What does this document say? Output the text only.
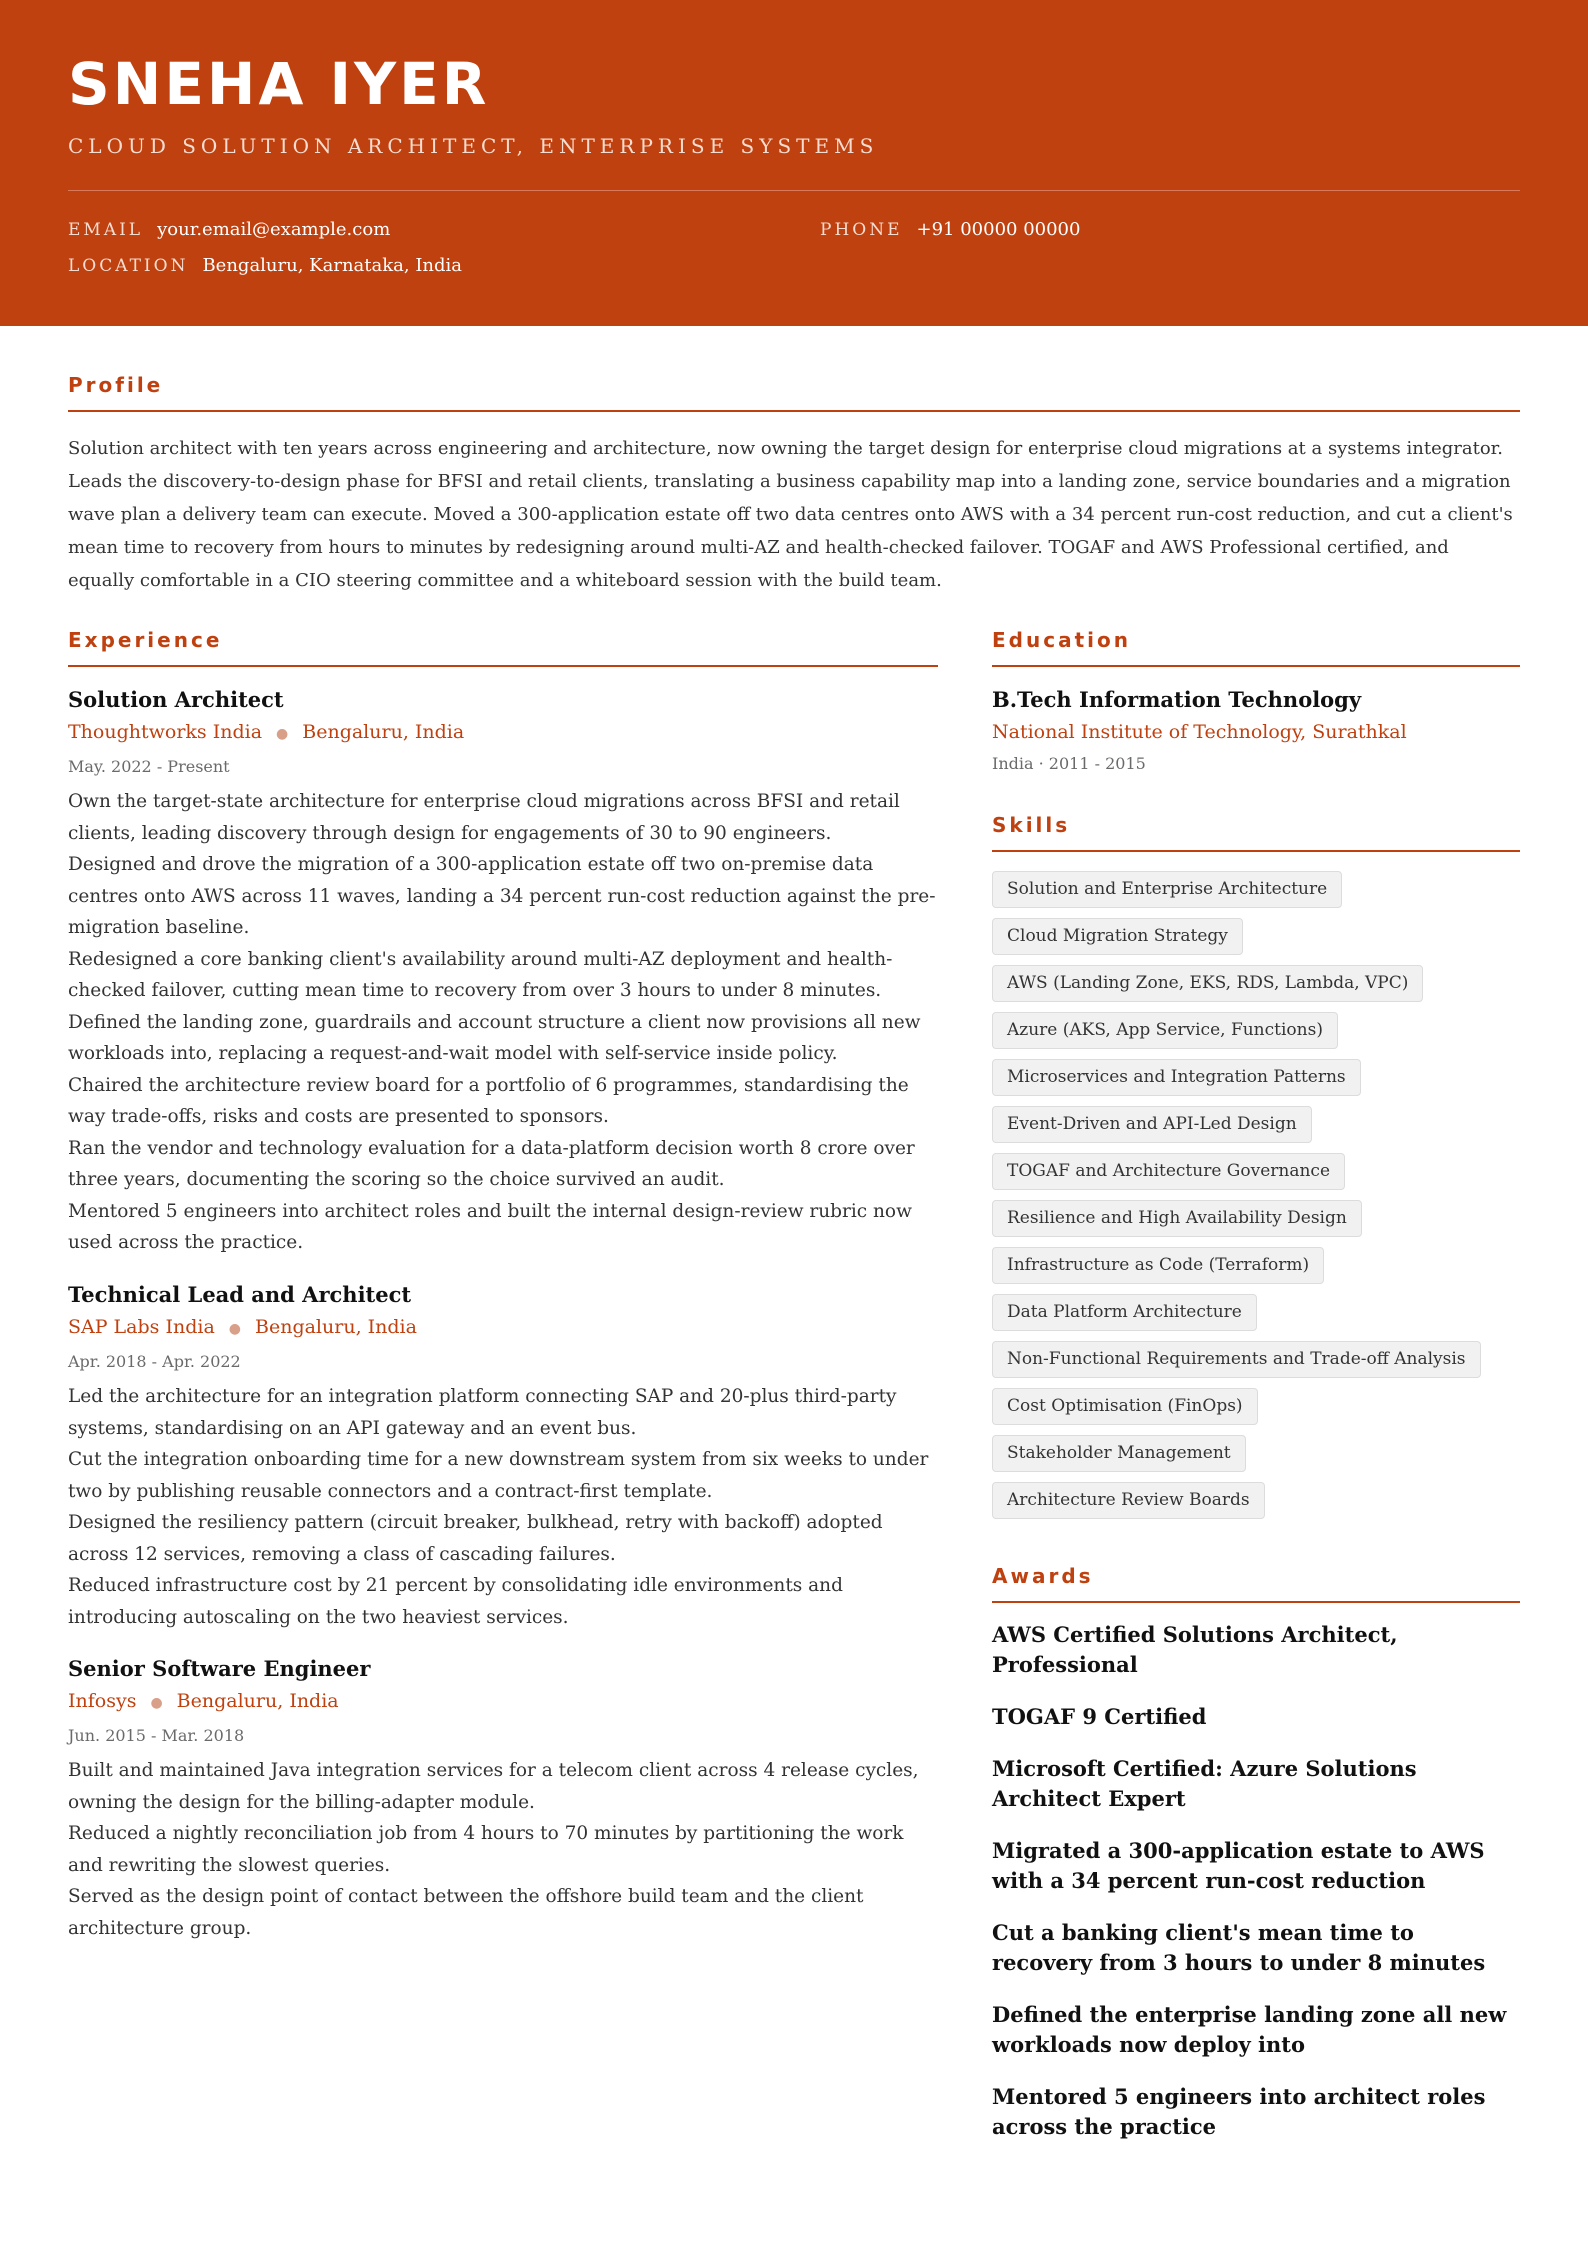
SNEHA IYER
CLOUD SOLUTION ARCHITECT, ENTERPRISE SYSTEMS
EMAIL your.email@example.com	PHONE +91 00000 00000
LOCATION Bengaluru, Karnataka, India
Profile
Solution architect with ten years across engineering and architecture, now owning the target design for enterprise cloud migrations at a systems integrator. Leads the discovery-to-design phase for BFSI and retail clients, translating a business capability map into a landing zone, service boundaries and a migration wave plan a delivery team can execute. Moved a 300-application estate off two data centres onto AWS with a 34 percent run-cost reduction, and cut a client's mean time to recovery from hours to minutes by redesigning around multi-AZ and health-checked failover. TOGAF and AWS Professional certified, and equally comfortable in a CIO steering committee and a whiteboard session with the build team.
Experience
Solution Architect
Thoughtworks India ● Bengaluru, India
May. 2022 - Present
Own the target-state architecture for enterprise cloud migrations across BFSI and retail clients, leading discovery through design for engagements of 30 to 90 engineers.
Designed and drove the migration of a 300-application estate off two on-premise data centres onto AWS across 11 waves, landing a 34 percent run-cost reduction against the pre-migration baseline.
Redesigned a core banking client's availability around multi-AZ deployment and health-checked failover, cutting mean time to recovery from over 3 hours to under 8 minutes.
Defined the landing zone, guardrails and account structure a client now provisions all new workloads into, replacing a request-and-wait model with self-service inside policy.
Chaired the architecture review board for a portfolio of 6 programmes, standardising the way trade-offs, risks and costs are presented to sponsors.
Ran the vendor and technology evaluation for a data-platform decision worth 8 crore over three years, documenting the scoring so the choice survived an audit.
Mentored 5 engineers into architect roles and built the internal design-review rubric now used across the practice.
Technical Lead and Architect
SAP Labs India ● Bengaluru, India
Apr. 2018 - Apr. 2022
Led the architecture for an integration platform connecting SAP and 20-plus third-party systems, standardising on an API gateway and an event bus.
Cut the integration onboarding time for a new downstream system from six weeks to under two by publishing reusable connectors and a contract-first template.
Designed the resiliency pattern (circuit breaker, bulkhead, retry with backoff) adopted across 12 services, removing a class of cascading failures.
Reduced infrastructure cost by 21 percent by consolidating idle environments and introducing autoscaling on the two heaviest services.
Senior Software Engineer
Infosys ● Bengaluru, India
Jun. 2015 - Mar. 2018
Built and maintained Java integration services for a telecom client across 4 release cycles, owning the design for the billing-adapter module.
Reduced a nightly reconciliation job from 4 hours to 70 minutes by partitioning the work and rewriting the slowest queries.
Served as the design point of contact between the offshore build team and the client architecture group.
Education
B.Tech Information Technology
National Institute of Technology, Surathkal
India · 2011 - 2015
Skills
Solution and Enterprise Architecture
Cloud Migration Strategy
AWS (Landing Zone, EKS, RDS, Lambda, VPC)
Azure (AKS, App Service, Functions)
Microservices and Integration Patterns
Event-Driven and API-Led Design
TOGAF and Architecture Governance
Resilience and High Availability Design
Infrastructure as Code (Terraform)
Data Platform Architecture
Non-Functional Requirements and Trade-off Analysis
Cost Optimisation (FinOps)
Stakeholder Management
Architecture Review Boards
Awards
AWS Certified Solutions Architect, Professional
TOGAF 9 Certified
Microsoft Certified: Azure Solutions Architect Expert
Migrated a 300-application estate to AWS with a 34 percent run-cost reduction
Cut a banking client's mean time to recovery from 3 hours to under 8 minutes
Defined the enterprise landing zone all new workloads now deploy into
Mentored 5 engineers into architect roles across the practice
